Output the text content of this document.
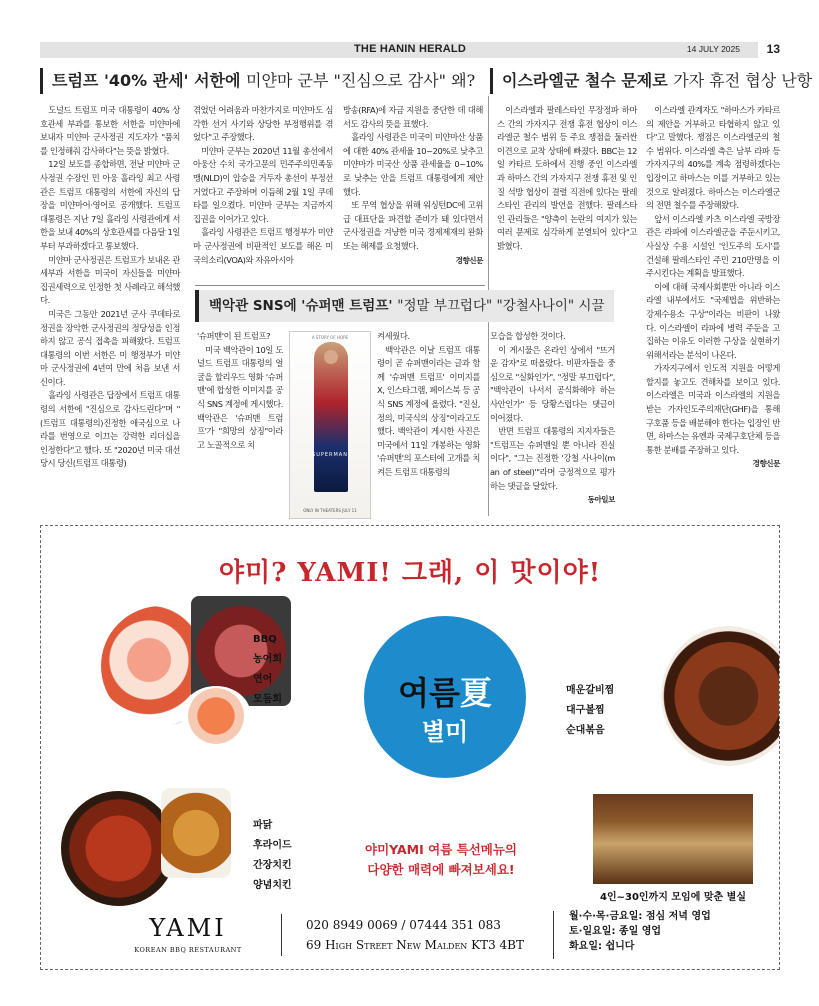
THE HANIN HERALD	14 JULY 2025	13
트럼프 '40% 관세' 서한에 미얀마 군부 "진심으로 감사" 왜?	이스라엘군 철수 문제로 가자 휴전 협상 난항

도널드 트럼프 미국 대통령이 40% 상호관세 부과를 통보한 서한을 미얀마에 보내자 미얀마 군사정권 지도자가 "품치를 인정해줘 감사하다"는 뜻을 밝혔다.

12일 보도를 종합하면, 전날 미얀마 군사정권 수장인 민 아웅 흘라잉 최고 사령관은 트럼프 대통령의 서한에 자신의 답장을 미얀마어·영어로 공개했다. 트럼프 대통령은 지난 7일 흘라잉 사령관에게 서한을 보내 40%의 상호관세를 다음달 1일부터 부과하겠다고 통보했다.

미얀마 군사정권은 트럼프가 보내온 관세부과 서한을 미국이 자신들을 미얀마 집권세력으로 인정한 첫 사례라고 해석했다.

미국은 그동안 2021년 군사 쿠데타로 정권을 장악한 군사정권의 정당성을 인정하지 않고 공식 접촉을 피해왔다. 트럼프 대통령의 이번 서한은 미 행정부가 미얀마 군사정권에 4년여 만에 처음 보낸 서신이다.

흘라잉 사령관은 답장에서 트럼프 대통령의 서한에 "진심으로 감사드린다"며 "(트럼프 대통령의)진정한 애국심으로 나라를 번영으로 이끄는 강력한 리더십을 인정한다"고 했다. 또 "2020년 미국 대선 당시 당신(트럼프 대통령)

겪었던 어려움과 마찬가지로 미얀마도 심각한 선거 사기와 상당한 부정행위를 겪었다"고 주장했다.

미얀마 군부는 2020년 11월 총선에서 아웅산 수치 국가고문의 민주주의민족동맹(NLD)이 압승을 거두자 총선이 부정선거였다고 주장하며 이듬해 2월 1일 쿠데타를 일으켰다. 미얀마 군부는 지금까지 집권을 이어가고 있다.

흘라잉 사령관은 트럼프 행정부가 미얀마 군사정권에 비판적인 보도를 해온 미국의소리(VOA)와 자유아시아

방송(RFA)에 자금 지원을 중단한 데 대해서도 감사의 뜻을 표했다.

흘라잉 사령관은 미국이 미얀마산 상품에 대한 40% 관세율 10~20%로 낮추고 미얀마가 미국산 상품 관세율을 0~10%로 낮추는 안을 트럼프 대통령에게 제안했다.

또 무역 협상을 위해 워싱턴DC에 고위급 대표단을 파견할 준비가 돼 있다면서 군사정권을 겨냥한 미국 경제제재의 완화 또는 해제를 요청했다.

경향신문

이스라엘과 팔레스타인 무장정파 하마스 간의 가자지구 전쟁 휴전 협상이 이스라엘군 철수 범위 등 주요 쟁점을 둘러싼 이견으로 교착 상태에 빠졌다. BBC는 12일 카타르 도하에서 진행 중인 이스라엘과 하마스 간의 가자지구 전쟁 휴전 및 인질 석방 협상이 결렬 직전에 있다는 팔레스타인 관리의 발언을 전했다. 팔레스타인 관리들은 "양측이 논란의 여지가 있는 여러 문제로 심각하게 분열되어 있다"고 밝혔다.

이스라엘 관계자도 "하마스가 카타르의 제안을 거부하고 타협하지 않고 있다"고 말했다. 쟁점은 이스라엘군의 철수 범위다. 이스라엘 측은 남부 라파 등 가자지구의 40%를 계속 점령하겠다는 입장이고 하마스는 이를 거부하고 있는 것으로 알려졌다. 하마스는 이스라엘군의 전면 철수를 주장해왔다.

앞서 이스라엘 카츠 이스라엘 국방장관은 라파에 이스라엘군을 주둔시키고, 사실상 수용 시설인 '인도주의 도시'를 건설해 팔레스타인 주민 210만명을 이주시킨다는 계획을 발표했다.

이에 대해 국제사회뿐만 아니라 이스라엘 내부에서도 "국제법을 위반하는 강제수용소 구상"이라는 비판이 나왔다. 이스라엘이 라파에 병력 주둔을 고집하는 이유도 이러한 구상을 실현하기 위해서라는 분석이 나온다.

가자지구에서 인도적 지원을 어떻게 할지를 놓고도 견해차를 보이고 있다. 이스라엘은 미국과 이스라엘의 지원을 받는 가자인도주의재단(GHF)을 통해 구호품 등을 배분해야 한다는 입장인 반면, 하마스는 유엔과 국제구호단체 등을 통한 분배를 주장하고 있다.

경향신문
백악관 SNS에 '슈퍼맨 트럼프' "정말 부끄럽다" "강철사나이" 시끌

'슈퍼맨'이 된 트럼프?

미국 백악관이 10일 도널드 트럼프 대통령의 얼굴을 할리우드 영화 '슈퍼맨'에 합성한 이미지를 공식 SNS 계정에 게시했다. 백악관은 '슈퍼맨 트럼프'가 "희망의 상징"이라고 노골적으로 치

A STORY OF HOPE
SUPERMAN
ONLY IN THEATERS JULY 11

켜세웠다.

백악관은 이날 트럼프 대통령이 곧 슈퍼맨이라는 글과 함께 '슈퍼맨 트럼프' 이미지를 X, 인스타그램, 페이스북 등 공식 SNS 계정에 올렸다. "진실, 정의, 미국식의 상징"이라고도 했다. 백악관이 게시한 사진은 미국에서 11일 개봉하는 영화 '슈퍼맨'의 포스터에 고개를 치켜든 트럼프 대통령의

모습을 합성한 것이다.

이 게시물은 온라인 상에서 "뜨거운 감자"로 떠올랐다. 비판자들을 중심으로 "실화인가", "정말 부끄럽다", "백악관이 나서서 공식화해야 하는 사안인가" 등 당황스럽다는 댓글이 이어졌다.

반면 트럼프 대통령의 지지자들은 "트럼프는 슈퍼맨일 뿐 아니라 진실이다", "그는 진정한 '강철 사나이(man of steel)'"라며 긍정적으로 평가하는 댓글을 달았다.

동아일보
야미? YAMI! 그래, 이 맛이야!
BBQ
농어회
연어
모듬회	여름夏
별미
매운갈비찜
대구볼찜
순대볶음
파닭
후라이드
간장치킨
양념치킨
야미YAMI 여름 특선메뉴의
다양한 매력에 빠져보세요!
4인~30인까지 모임에 맞춘 별실
YAMI
KOREAN BBQ RESTAURANT
020 8949 0069 / 07444 351 083
69 High Street New Malden KT3 4BT
월·수·목·금요일: 점심 저녁 영업
토·일요일: 종일 영업
화요일: 쉽니다
